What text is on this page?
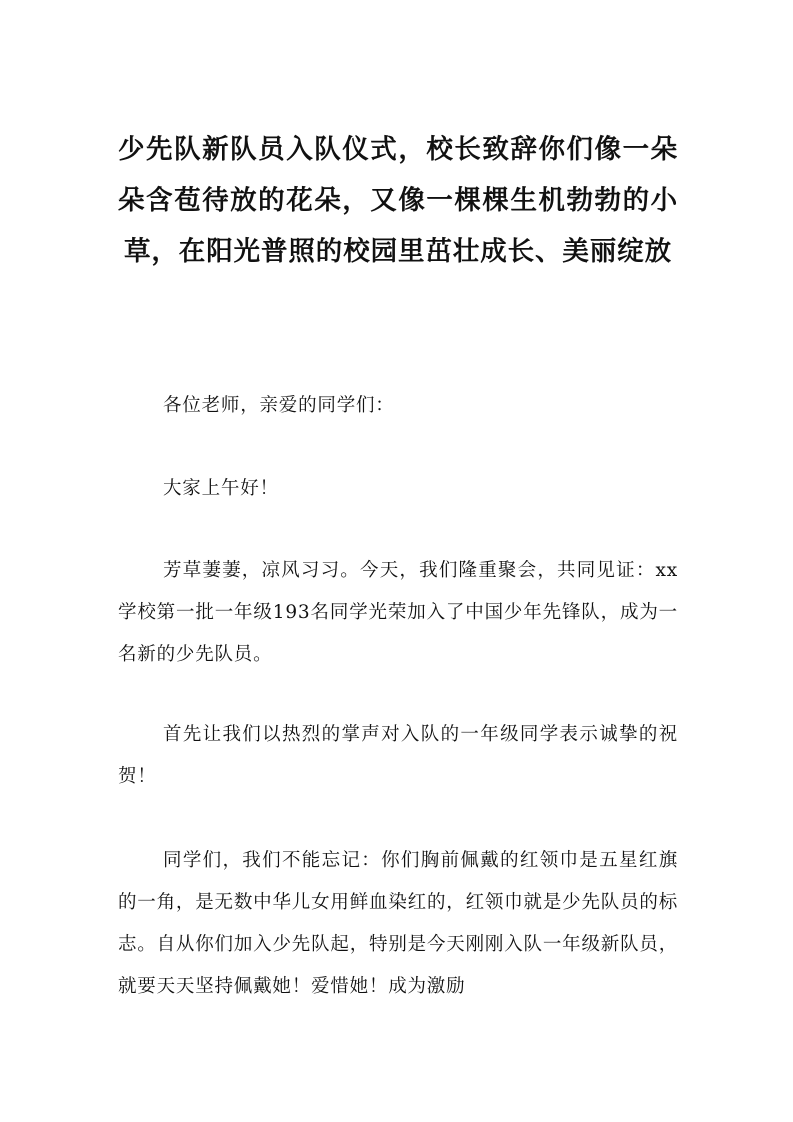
少先队新队员入队仪式，校长致辞你们像一朵朵含苞待放的花朵，又像一棵棵生机勃勃的小草，在阳光普照的校园里茁壮成长、美丽绽放

各位老师，亲爱的同学们：

大家上午好！

芳草萋萋，凉风习习。今天，我们隆重聚会，共同见证：xx学校第一批一年级193名同学光荣加入了中国少年先锋队，成为一名新的少先队员。

首先让我们以热烈的掌声对入队的一年级同学表示诚挚的祝贺！

同学们，我们不能忘记：你们胸前佩戴的红领巾是五星红旗的一角，是无数中华儿女用鲜血染红的，红领巾就是少先队员的标志。自从你们加入少先队起，特别是今天刚刚入队一年级新队员，就要天天坚持佩戴她！爱惜她！成为激励
